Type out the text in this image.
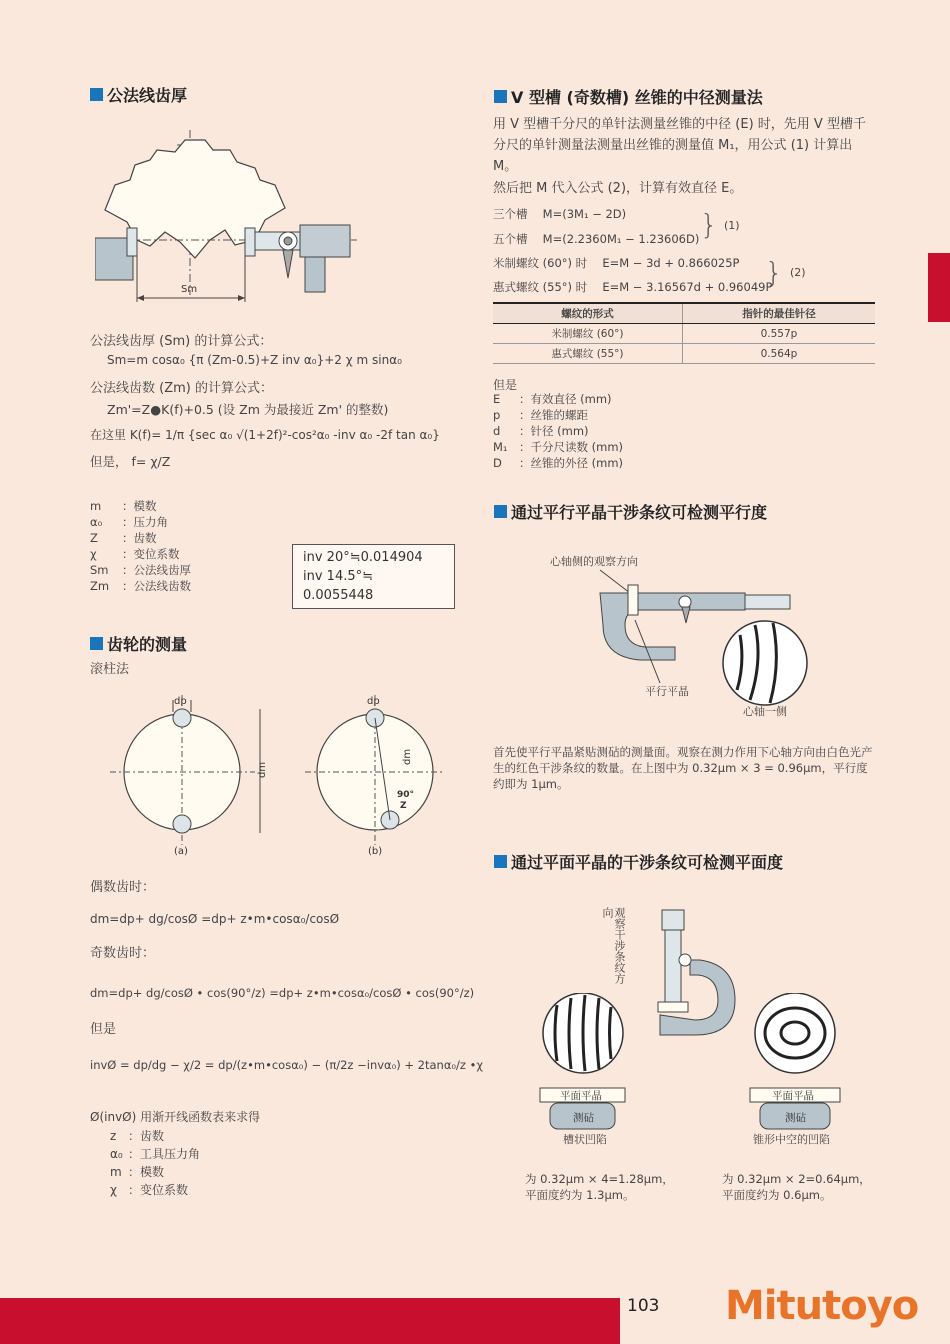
公法线齿厚
Sm
公法线齿厚 (Sm) 的计算公式：
Sm=m cosα₀ {π (Zm-0.5)+Z inv α₀}+2 χ m sinα₀
公法线齿数 (Zm) 的计算公式：
Zm'=Z●K(f)+0.5 (设 Zm 为最接近 Zm' 的整数)
在这里 K(f)= 1/π {sec α₀ √(1+2f)²-cos²α₀ -inv α₀ -2f tan α₀}
但是， f= χ/Z
m ：模数
α₀ ：压力角
Z ：齿数
χ ：变位系数
Sm ：公法线齿厚
Zm ：公法线齿数
inv 20°≒0.014904
inv 14.5°≒ 0.0055448
齿轮的测量
滚柱法
dp
dm
(a)
dp
dm
90°
Z
(b)
偶数齿时：
dm=dp+ dg/cosØ =dp+ z•m•cosα₀/cosØ
奇数齿时：
dm=dp+ dg/cosØ • cos(90°/z) =dp+ z•m•cosα₀/cosØ • cos(90°/z)
但是
invØ = dp/dg − χ/2 = dp/(z•m•cosα₀) − (π/2z −invα₀) + 2tanα₀/z •χ
Ø(invØ) 用渐开线函数表来求得
z ：齿数
α₀ ：工具压力角
m ：模数
χ ：变位系数
V 型槽 (奇数槽) 丝锥的中径测量法
用 V 型槽千分尺的单针法测量丝锥的中径 (E) 时，先用 V 型槽千分尺的单针测量法测量出丝锥的测量值 M₁，用公式 (1) 计算出 M。
然后把 M 代入公式 (2)，计算有效直径 E。
三个槽 　M=(3M₁ − 2D)
五个槽 　M=(2.2360M₁ − 1.23606D) } (1)
米制螺纹 (60°) 时 　E=M − 3d + 0.866025P
惠式螺纹 (55°) 时 　E=M − 3.16567d + 0.96049P
} (2)
螺纹的形式	指针的最佳针径
米制螺纹 (60°)	0.557p
惠式螺纹 (55°)	0.564p
但是
E ：有效直径 (mm)
p ：丝锥的螺距
d ：针径 (mm)
M₁ ：千分尺读数 (mm)
D ：丝锥的外径 (mm)
通过平行平晶干涉条纹可检测平行度
心轴侧的观察方向
平行平晶
心轴一侧
首先使平行平晶紧贴测砧的测量面。观察在测力作用下心轴方向由白色光产生的红色干涉条纹的数量。在上图中为 0.32μm × 3 = 0.96μm，平行度约即为 1μm。
通过平面平晶的干涉条纹可检测平面度
观察干涉条纹方向
平面平晶
测砧
槽状凹陷
平面平晶
测砧
锥形中空的凹陷
为 0.32μm × 4=1.28μm，
平面度约为 1.3μm。
为 0.32μm × 2=0.64μm，
平面度约为 0.6μm。
103 Mitutoyo
